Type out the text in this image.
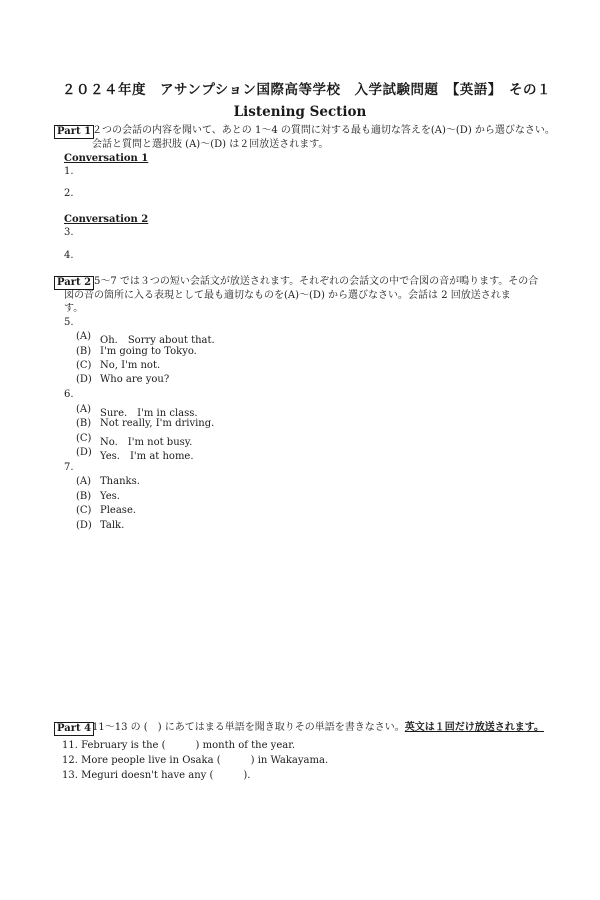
２０２４年度　アサンプション国際高等学校　入学試験問題　【英語】　その１
Listening Section
Part 1 ２つの会話の内容を聞いて、あとの 1～4 の質問に対する最も適切な答えを(A)～(D) から選びなさい。
会話と質問と選択肢 (A)～(D) は２回放送されます。
Conversation 1
1.
2.
Conversation 2
3.
4.
Part 2 5～7 では３つの短い会話文が放送されます。それぞれの会話文の中で合図の音が鳴ります。その合
図の音の箇所に入る表現として最も適切なものを(A)～(D) から選びなさい。会話は 2 回放送されま
す。
5.
(A) Oh.　Sorry about that.
(B) I'm going to Tokyo.
(C) No, I'm not.
(D) Who are you?
6.
(A) Sure.　I'm in class.
(B) Not really, I'm driving.
(C) No.　I'm not busy.
(D) Yes.　I'm at home.
7.
(A) Thanks.
(B) Yes.
(C) Please.
(D) Talk.
Part 4 11～13 の (　) にあてはまる単語を聞き取りその単語を書きなさい。英文は１回だけ放送されます。
11. February is the (　　　) month of the year.
12. More people live in Osaka (　　　) in Wakayama.
13. Meguri doesn't have any (　　　).
